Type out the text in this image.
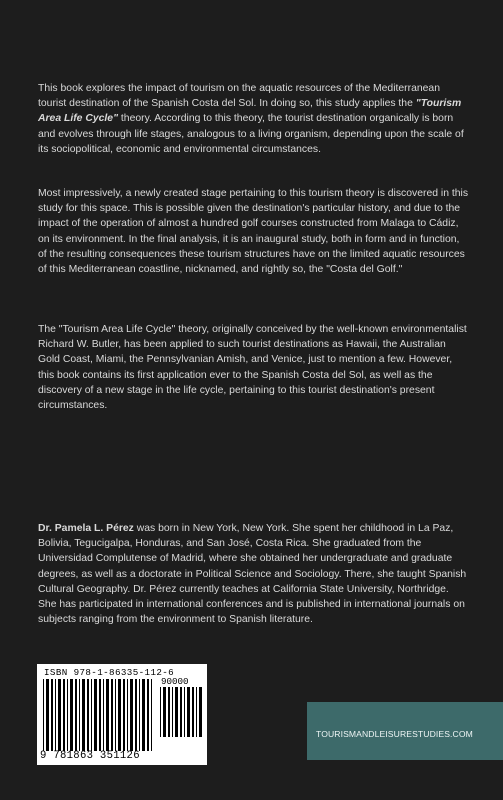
This book explores the impact of tourism on the aquatic resources of the Mediterranean tourist destination of the Spanish Costa del Sol. In doing so, this study applies the "Tourism Area Life Cycle" theory. According to this theory, the tourist destination organically is born and evolves through life stages, analogous to a living organism, depending upon the scale of its sociopolitical, economic and environmental circumstances.

Most impressively, a newly created stage pertaining to this tourism theory is discovered in this study for this space. This is possible given the destination's particular history, and due to the impact of the operation of almost a hundred golf courses constructed from Malaga to Cádiz, on its environment. In the final analysis, it is an inaugural study, both in form and in function, of the resulting consequences these tourism structures have on the limited aquatic resources of this Mediterranean coastline, nicknamed, and rightly so, the "Costa del Golf."

The "Tourism Area Life Cycle" theory, originally conceived by the well-known environmentalist Richard W. Butler, has been applied to such tourist destinations as Hawaii, the Australian Gold Coast, Miami, the Pennsylvanian Amish, and Venice, just to mention a few. However, this book contains its first application ever to the Spanish Costa del Sol, as well as the discovery of a new stage in the life cycle, pertaining to this tourist destination's present circumstances.

Dr. Pamela L. Pérez was born in New York, New York. She spent her childhood in La Paz, Bolivia, Tegucigalpa, Honduras, and San José, Costa Rica. She graduated from the Universidad Complutense of Madrid, where she obtained her undergraduate and graduate degrees, as well as a doctorate in Political Science and Sociology. There, she taught Spanish Cultural Geography. Dr. Pérez currently teaches at California State University, Northridge. She has participated in international conferences and is published in international journals on subjects ranging from the environment to Spanish literature.

ISBN 978-1-86335-112-6
90000
9 781863 351126
TOURISMANDLEISURESTUDIES.COM
